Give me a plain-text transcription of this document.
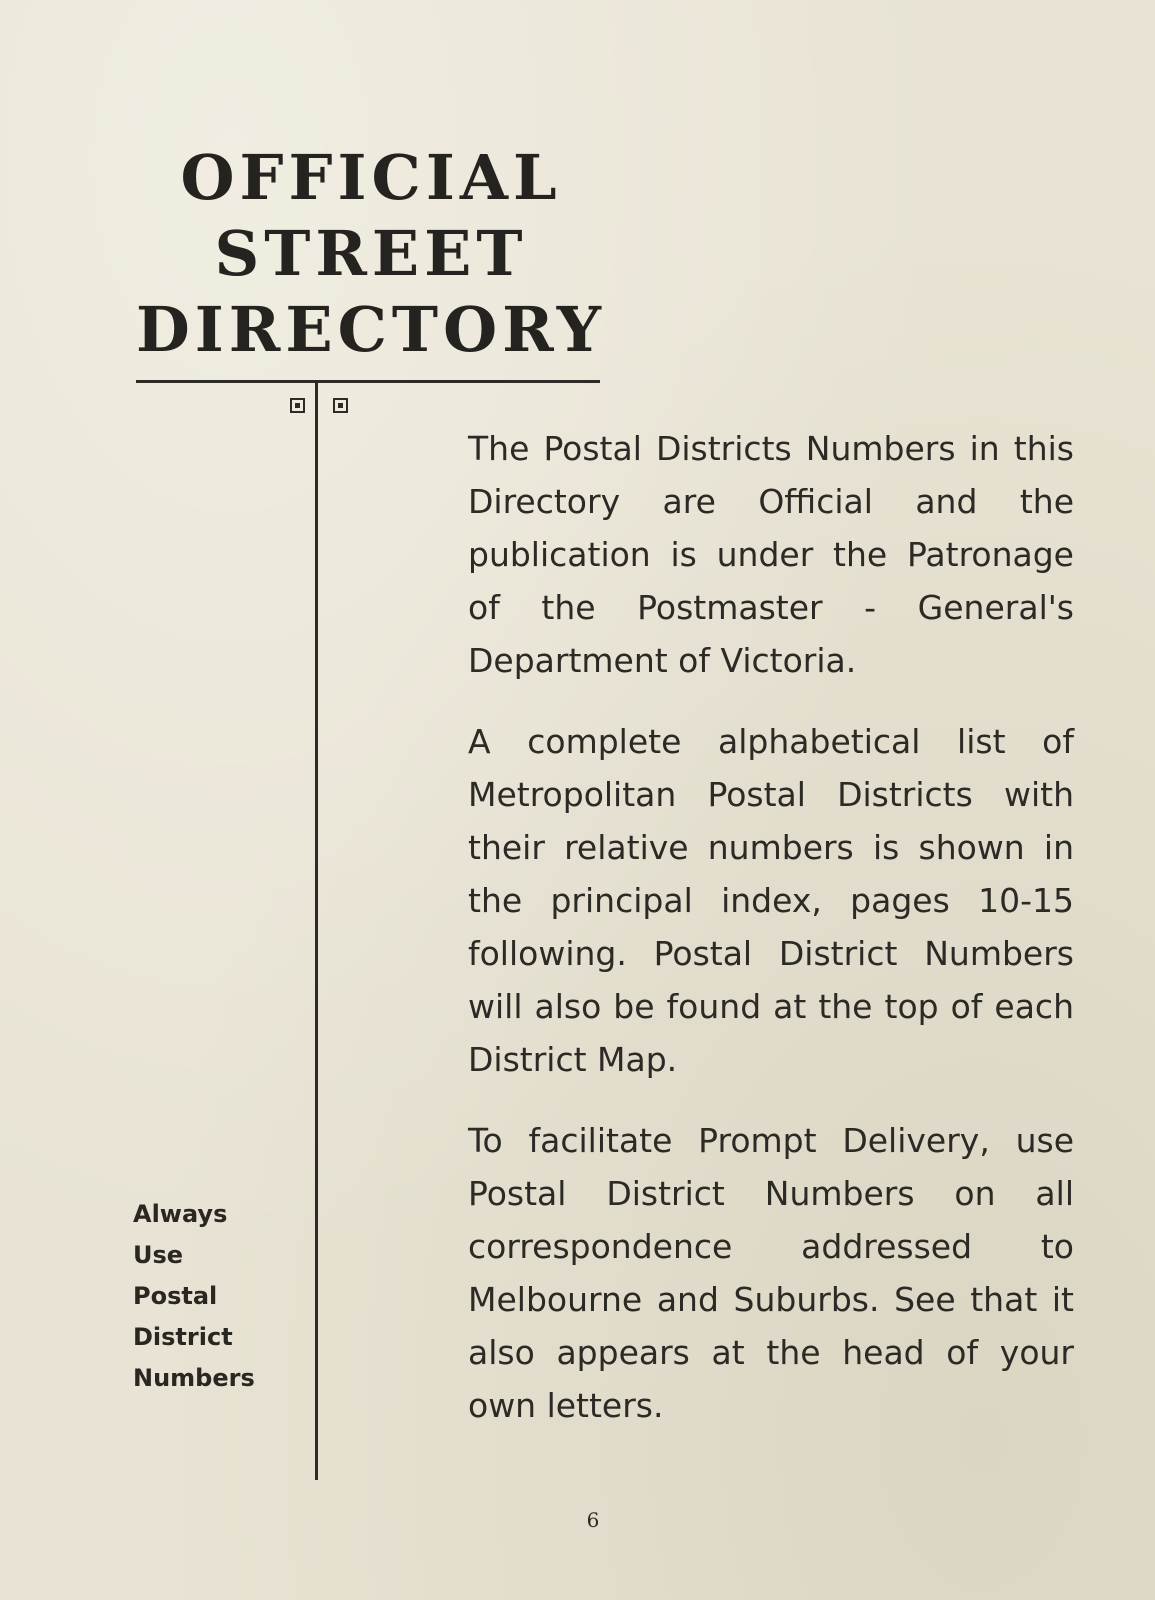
OFFICIAL
STREET
DIRECTORY

The Postal Districts Numbers in this Directory are Official and the publication is under the Patronage of the Postmaster - General's Department of Victoria.

A complete alphabetical list of Metropolitan Postal Districts with their relative numbers is shown in the principal index, pages 10-15 following. Postal District Numbers will also be found at the top of each District Map.

To facilitate Prompt Delivery, use Postal District Numbers on all correspondence addressed to Melbourne and Suburbs. See that it also appears at the head of your own letters.

Always
Use
Postal
District
Numbers
6
